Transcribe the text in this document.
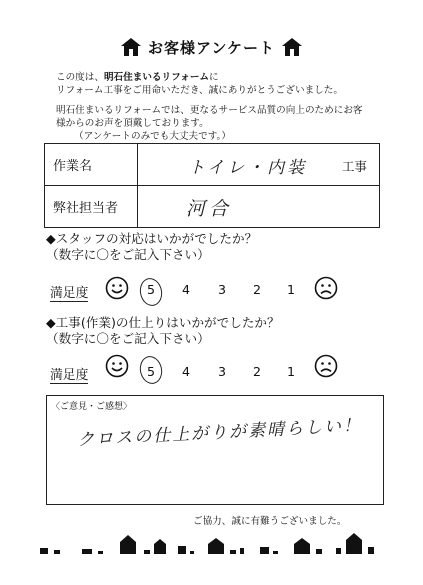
お客様アンケート
この度は、明石住まいるリフォームに
リフォーム工事をご用命いただき、誠にありがとうございました。
明石住まいるリフォームでは、更なるサービス品質の向上のためにお客
様からのお声を頂戴しております。
（アンケートのみでも大丈夫です。）
作業名	トイレ・内装 工事

弊社担当者	河合
◆スタッフの対応はいかがでしたか？
（数字に〇をご記入下さい）
満足度	5 4 3 2 1
◆工事(作業)の仕上りはいかがでしたか？
（数字に〇をご記入下さい）
満足度	5 4 3 2 1
〈ご意見・ご感想〉
クロスの仕上がりが素晴らしい！
ご協力、誠に有難うございました。
